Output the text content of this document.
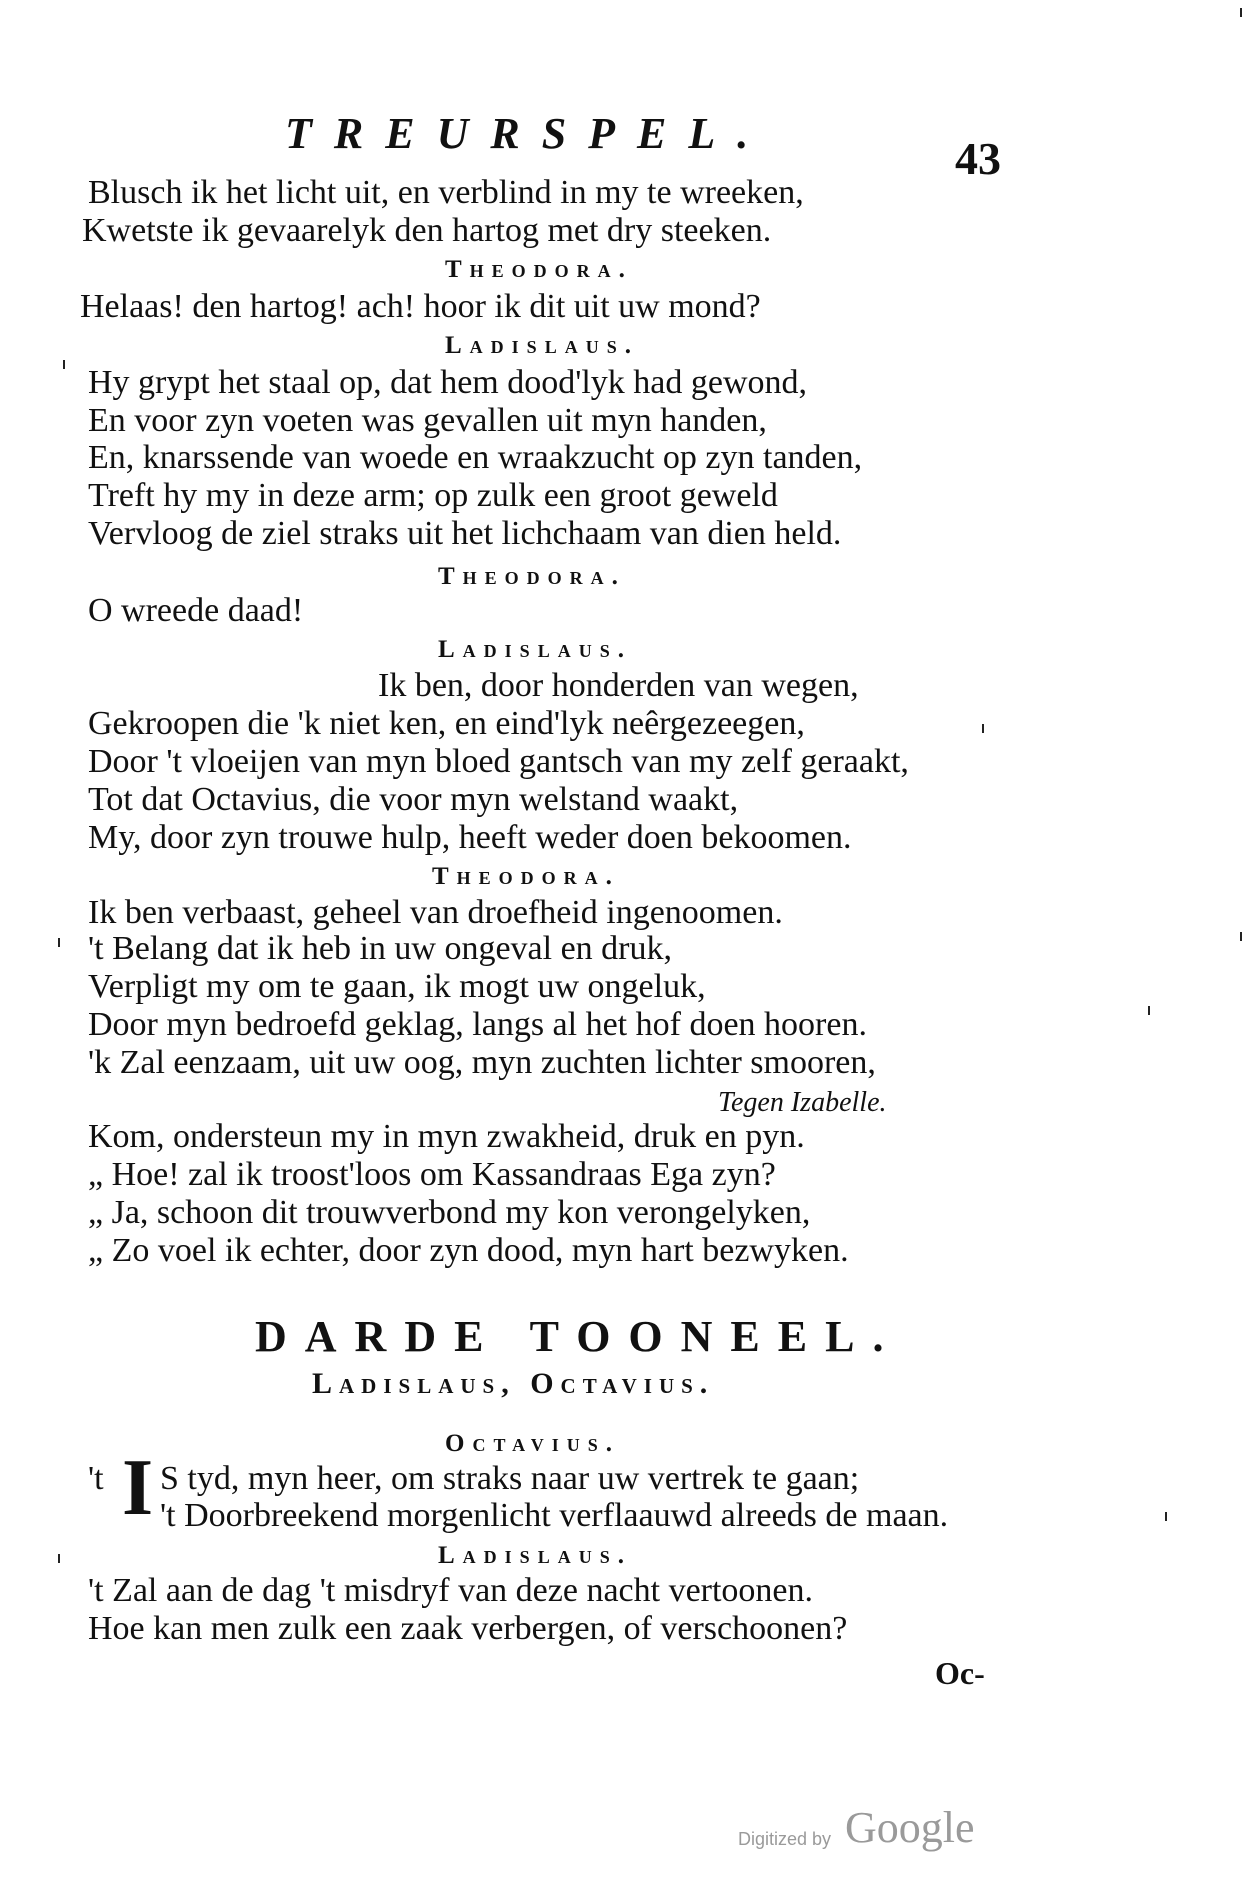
TREURSPEL.	43
Blusch ik het licht uit, en verblind in my te wreeken,
Kwetste ik gevaarelyk den hartog met dry steeken.
Theodora.
Helaas! den hartog! ach! hoor ik dit uit uw mond?
Ladislaus.
Hy grypt het staal op, dat hem dood'lyk had gewond,
En voor zyn voeten was gevallen uit myn handen,
En, knarssende van woede en wraakzucht op zyn tanden,
Treft hy my in deze arm; op zulk een groot geweld
Vervloog de ziel straks uit het lichchaam van dien held.
Theodora.
O wreede daad!
Ladislaus.
Ik ben, door honderden van wegen,
Gekroopen die 'k niet ken, en eind'lyk neêrgezeegen,
Door 't vloeijen van myn bloed gantsch van my zelf geraakt,
Tot dat Octavius, die voor myn welstand waakt,
My, door zyn trouwe hulp, heeft weder doen bekoomen.
Theodora.
Ik ben verbaast, geheel van droefheid ingenoomen.
't Belang dat ik heb in uw ongeval en druk,
Verpligt my om te gaan, ik mogt uw ongeluk,
Door myn bedroefd geklag, langs al het hof doen hooren.
'k Zal eenzaam, uit uw oog, myn zuchten lichter smooren,
Tegen Izabelle.
Kom, ondersteun my in myn zwakheid, druk en pyn.
„ Hoe! zal ik troost'loos om Kassandraas Ega zyn?
„ Ja, schoon dit trouwverbond my kon verongelyken,
„ Zo voel ik echter, door zyn dood, myn hart bezwyken.
DARDE TOONEEL.
Ladislaus, Octavius.
Octavius.
't I S tyd, myn heer, om straks naar uw vertrek te gaan;
't Doorbreekend morgenlicht verflaauwd alreeds de maan.
Ladislaus.
't Zal aan de dag 't misdryf van deze nacht vertoonen.
Hoe kan men zulk een zaak verbergen, of verschoonen?
Oc-
Digitized by Google
